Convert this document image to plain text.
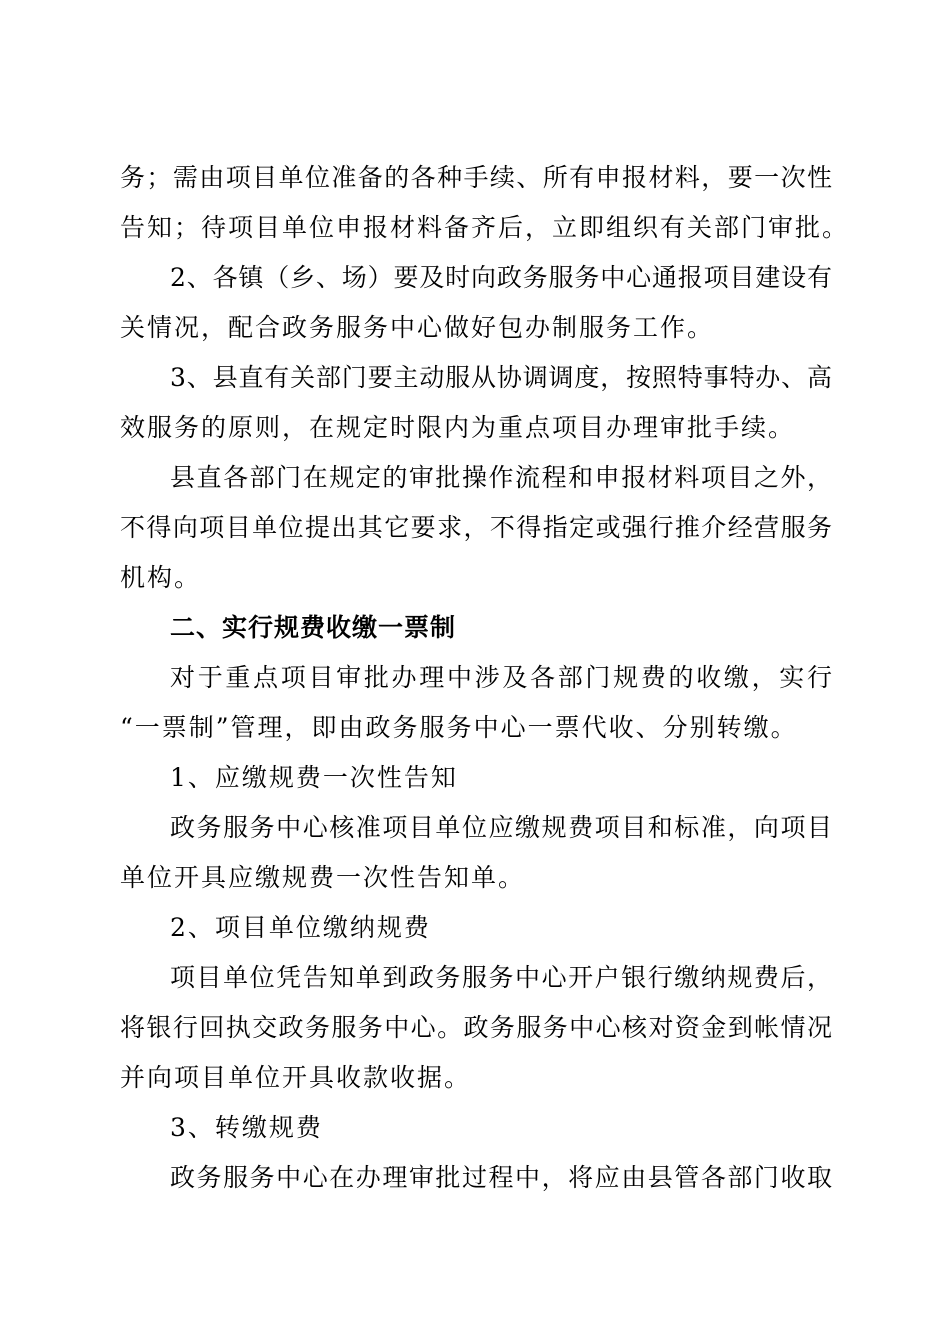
务；需由项目单位准备的各种手续、所有申报材料，要一次性
告知；待项目单位申报材料备齐后，立即组织有关部门审批。
2、各镇（乡、场）要及时向政务服务中心通报项目建设有
关情况，配合政务服务中心做好包办制服务工作。
3、县直有关部门要主动服从协调调度，按照特事特办、高
效服务的原则，在规定时限内为重点项目办理审批手续。
县直各部门在规定的审批操作流程和申报材料项目之外，
不得向项目单位提出其它要求，不得指定或强行推介经营服务
机构。
二、实行规费收缴一票制
对于重点项目审批办理中涉及各部门规费的收缴，实行
“一票制”管理，即由政务服务中心一票代收、分别转缴。
1、应缴规费一次性告知
政务服务中心核准项目单位应缴规费项目和标准，向项目
单位开具应缴规费一次性告知单。
2、项目单位缴纳规费
项目单位凭告知单到政务服务中心开户银行缴纳规费后，
将银行回执交政务服务中心。政务服务中心核对资金到帐情况
并向项目单位开具收款收据。
3、转缴规费
政务服务中心在办理审批过程中，将应由县管各部门收取
